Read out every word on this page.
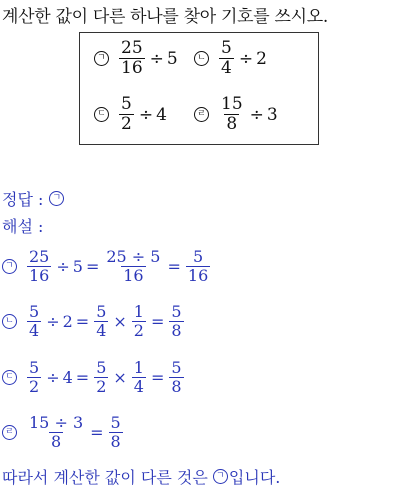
계산한 값이 다른 하나를 찾아 기호를 쓰시오.
ㄱ $\frac{25}{16} \div 5$	ㄴ $\frac{5}{4} \div 2$
ㄷ $\frac{5}{2} \div 4$	ㄹ $\frac{15}{8} \div 3$
정답 :	ㄱ
해설 :
ㄱ $\frac{25}{16} \div 5 = \frac{25 \div 5}{16} = \frac{5}{16}$
ㄴ $\frac{5}{4} \div 2 = \frac{5}{4} \times \frac{1}{2} = \frac{5}{8}$
ㄷ $\frac{5}{2} \div 4 = \frac{5}{2} \times \frac{1}{4} = \frac{5}{8}$
ㄹ $\frac{15 \div 3}{8} = \frac{5}{8}$
따라서 계산한 값이 다른 것은 ㄱ 입니다.
